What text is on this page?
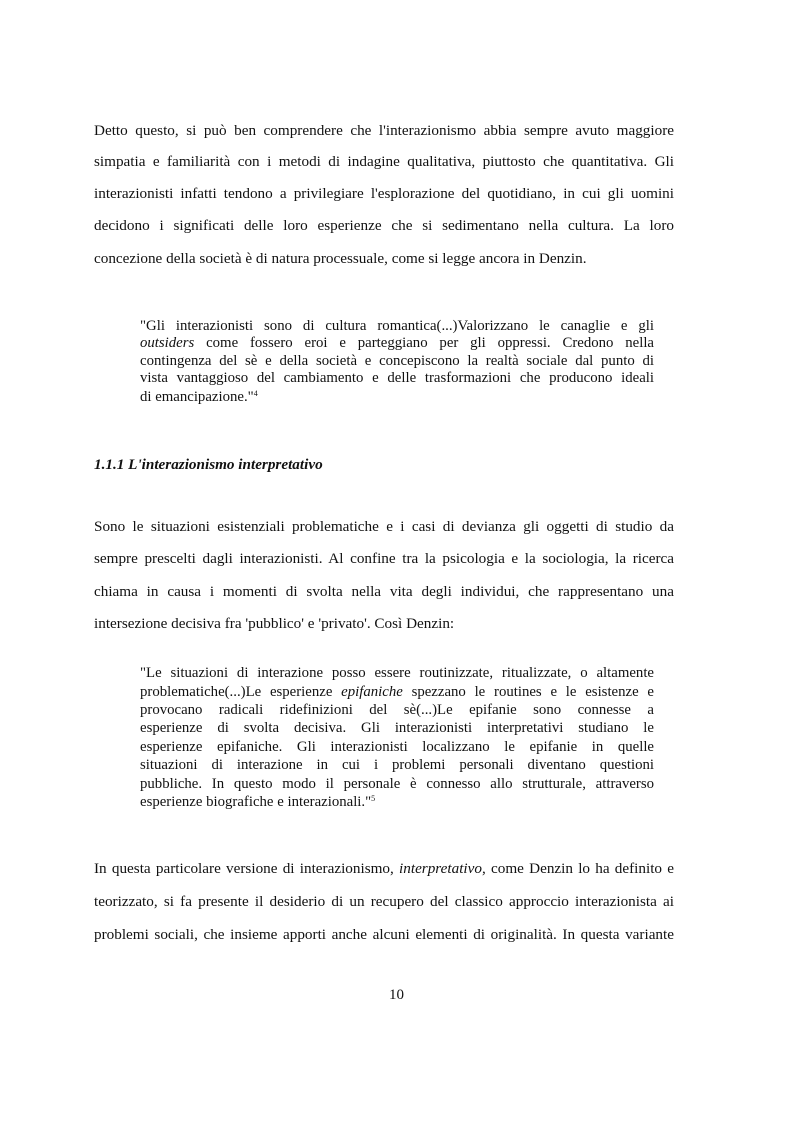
Detto questo, si può ben comprendere che l'interazionismo abbia sempre avuto maggiore
simpatia e familiarità con i metodi di indagine qualitativa, piuttosto che quantitativa. Gli
interazionisti infatti tendono a privilegiare l'esplorazione del quotidiano, in cui gli uomini
decidono i significati delle loro esperienze che si sedimentano nella cultura. La loro
concezione della società è di natura processuale, come si legge ancora in Denzin.
"Gli interazionisti sono di cultura romantica(...)Valorizzano le canaglie e gli
outsiders come fossero eroi e parteggiano per gli oppressi. Credono nella
contingenza del sè e della società e concepiscono la realtà sociale dal punto di
vista vantaggioso del cambiamento e delle trasformazioni che producono ideali
di emancipazione."$^4$
1.1.1 L'interazionismo interpretativo
Sono le situazioni esistenziali problematiche e i casi di devianza gli oggetti di studio da
sempre prescelti dagli interazionisti. Al confine tra la psicologia e la sociologia, la ricerca
chiama in causa i momenti di svolta nella vita degli individui, che rappresentano una
intersezione decisiva fra 'pubblico' e 'privato'. Così Denzin:
"Le situazioni di interazione posso essere routinizzate, ritualizzate, o altamente
problematiche(...)Le esperienze epifaniche spezzano le routines e le esistenze e
provocano radicali ridefinizioni del sè(...)Le epifanie sono connesse a
esperienze di svolta decisiva. Gli interazionisti interpretativi studiano le
esperienze epifaniche. Gli interazionisti localizzano le epifanie in quelle
situazioni di interazione in cui i problemi personali diventano questioni
pubbliche. In questo modo il personale è connesso allo strutturale, attraverso
esperienze biografiche e interazionali."$^5$
In questa particolare versione di interazionismo, interpretativo, come Denzin lo ha definito e
teorizzato, si fa presente il desiderio di un recupero del classico approccio interazionista ai
problemi sociali, che insieme apporti anche alcuni elementi di originalità. In questa variante
10
